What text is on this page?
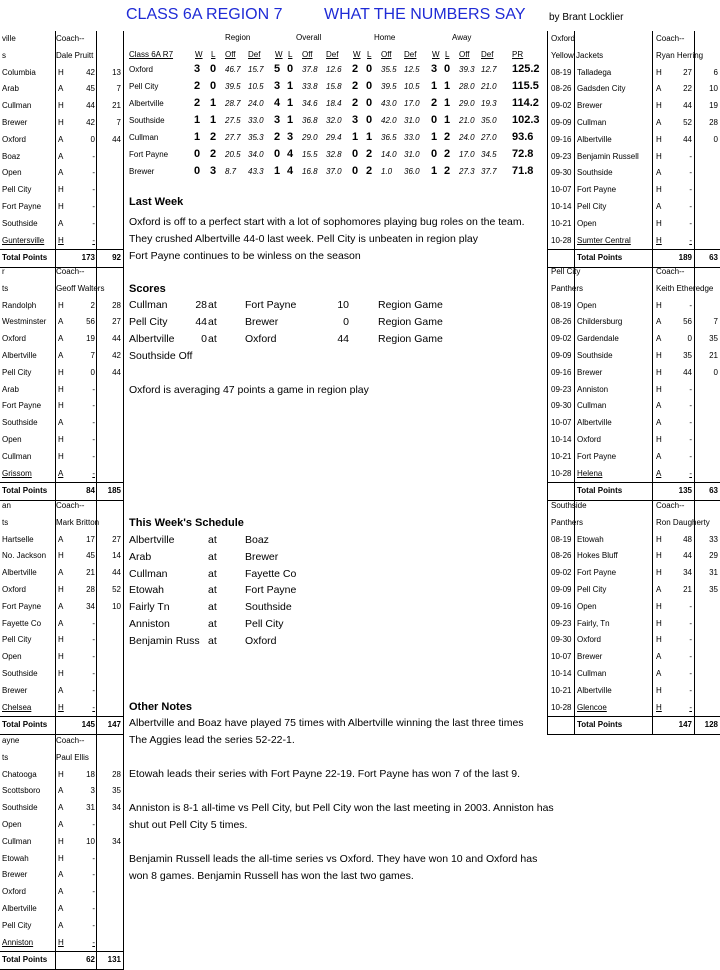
CLASS 6A REGION 7	WHAT THE NUMBERS SAY by Brant Locklier
ville	Coach--
s	Dale Pruitt
Columbia	H	42 13
Arab	A	45	7
Cullman	H	44 21
Brewer	H	42	7
Oxford	A	0 44
Boaz	A	-
Open	A	-
Pell City	H	-
Fort Payne H	-
Southside	A	-
Guntersville H	-
Total Points	173 92
r	Coach--
ts	Geoff Walters
Randolph	H	2 28
Westminster A	56 27
Oxford	A	19 44
Albertville	A	7 42
Pell City	H	0 44
Arab	H	-
Fort Payne H	-
Southside	A	-
Open	H	-
Cullman	H	-
Grissom	A	-
Total Points	84 185
an	Coach--
ts	Mark Britton
Hartselle	A	17 27
No. Jackson H	45 14
Albertville	A	21 44
Oxford	H	28 52
Fort Payne A	34 10
Fayette Co A	-
Pell City	H	-
Open	H	-
Southside	H	-
Brewer	A	-
Chelsea	H	-
Total Points	145 147
ayne	Coach--
ts	Paul Ellis
Chatooga	H	18 28
Scottsboro A	3 35
Southside	A	31 34
Open	A	-
Cullman	H	10 34
Etowah	H	-
Brewer	A	-
Oxford	A	-
Albertville	A	-
Pell City	A	-
Anniston	H	-
Total Points	62 131
Oxford	Coach--
Yellow Jackets	Ryan Herring
08-19 Talladega	H	27	6
08-26 Gadsden City	A	22 10
09-02 Brewer	H	44 19
09-09 Cullman	A	52 28
09-16 Albertville	H	44	0
09-23 Benjamin Russell H	-
09-30 Southside	A	-
10-07 Fort Payne	H	-
10-14 Pell City	A	-
10-21 Open	H	-
10-28 Sumter Central	H	-
Total Points	189 63
Pell City	Coach--
Panthers	Keith Etheredge
08-19 Open	H	-
08-26 Childersburg	A	56	7
09-02 Gardendale	A	0 35
09-09 Southside	H	35 21
09-16 Brewer	H	44	0
09-23 Anniston	H	-
09-30 Cullman	A	-
10-07 Albertville	A	-
10-14 Oxford	H	-
10-21 Fort Payne	A	-
10-28 Helena	A	-
Total Points	135 63
Southside	Coach--
Panthers	Ron Daugherty
08-19 Etowah	H	48 33
08-26 Hokes Bluff	H	44 29
09-02 Fort Payne	H	34 31
09-09 Pell City	A	21 35
09-16 Open	H	-
09-23 Fairly, Tn	H	-
09-30 Oxford	H	-
10-07 Brewer	A	-
10-14 Cullman	A	-
10-21 Albertville	H	-
10-28 Glencoe	H	-
Total Points	147 128
Region	Overall	Home	Away
Class 6A R7	W L Off Def W L Off Def W L Off Def W L Off Def PR
Oxford	3 0 46.7 15.7 5 0 37.8 12.6 2 0 35.5 12.5 3 0 39.3 12.7 125.2
Pell City	2 0 39.5 10.5 3 1 33.8 15.8 2 0 39.5 10.5 1 1 28.0 21.0 115.5
Albertville	2 1 28.7 24.0 4 1 34.6 18.4 2 0 43.0 17.0 2 1 29.0 19.3 114.2
Southside	1 1 27.5 33.0 3 1 36.8 32.0 3 0 42.0 31.0 0 1 21.0 35.0 102.3
Cullman	1 2 27.7 35.3 2 3 29.0 29.4 1 1 36.5 33.0 1 2 24.0 27.0 93.6
Fort Payne 0 2 20.5 34.0 0 4 15.5 32.8 0 2 14.0 31.0 0 2 17.0 34.5 72.8
Brewer	0 3 8.7 43.3 1 4 16.8 37.0 0 2 1.0 36.0 1 2 27.3 37.7 71.8
Last Week
Oxford is off to a perfect start with a lot of sophomores playing bug roles on the team.
They crushed Albertville 44-0 last week. Pell City is unbeaten in region play
Fort Payne continues to be winless on the season
Scores
Cullman	28 at	Fort Payne	10	Region Game
Pell City	44 at	Brewer	0	Region Game
Albertville	0 at	Oxford	44	Region Game
Southside Off
Oxford is averaging 47 points a game in region play
This Week's Schedule
Albertville	at	Boaz
Arab	at	Brewer
Cullman	at	Fayette Co
Etowah	at	Fort Payne
Fairly Tn	at	Southside
Anniston	at	Pell City
Benjamin Russ at	Oxford
Other Notes
Albertville and Boaz have played 75 times with Albertville winning the last three times
The Aggies lead the series 52-22-1.
Etowah leads their series with Fort Payne 22-19. Fort Payne has won 7 of the last 9.
Anniston is 8-1 all-time vs Pell City, but Pell City won the last meeting in 2003. Anniston has
shut out Pell City 5 times.
Benjamin Russell leads the all-time series vs Oxford. They have won 10 and Oxford has
won 8 games. Benjamin Russell has won the last two games.
